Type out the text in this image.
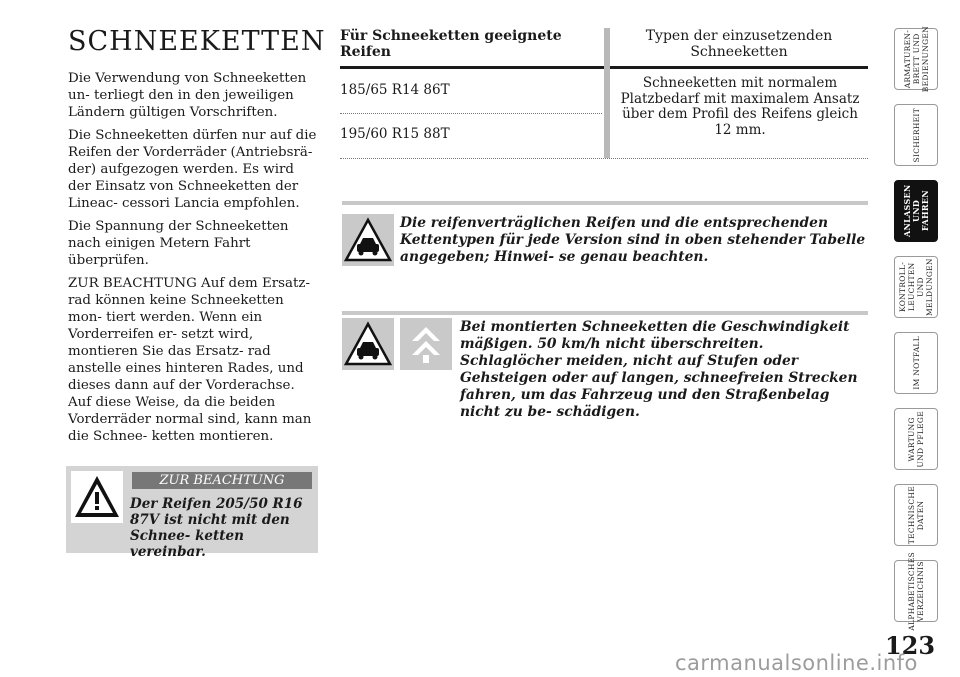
SCHNEEKETTEN

Die Verwendung von Schneeketten un- terliegt den in den jeweiligen Ländern gültigen Vorschriften.

Die Schneeketten dürfen nur auf die Reifen der Vorderräder (Antriebsrä- der) aufgezogen werden. Es wird der Einsatz von Schneeketten der Lineac- cessori Lancia empfohlen.

Die Spannung der Schneeketten nach einigen Metern Fahrt überprüfen.

ZUR BEACHTUNG Auf dem Ersatz- rad können keine Schneeketten mon- tiert werden. Wenn ein Vorderreifen er- setzt wird, montieren Sie das Ersatz- rad anstelle eines hinteren Rades, und dieses dann auf der Vorderachse. Auf diese Weise, da die beiden Vorderräder normal sind, kann man die Schnee- ketten montieren.

Für Schneeketten geeignete Reifen
Typen der einzusetzenden Schneeketten
185/65 R14 86T
195/60 R15 88T
Schneeketten mit normalem Platzbedarf mit maximalem Ansatz über dem Profil des Reifens gleich 12 mm.
Die reifenverträglichen Reifen und die entsprechenden Kettentypen für jede Version sind in oben stehender Tabelle angegeben; Hinwei- se genau beachten.
Bei montierten Schneeketten die Geschwindigkeit mäßigen. 50 km/h nicht überschreiten. Schlaglöcher meiden, nicht auf Stufen oder Gehsteigen oder auf langen, schneefreien Strecken fahren, um das Fahrzeug und den Straßenbelag nicht zu be- schädigen.
ZUR BEACHTUNG
Der Reifen 205/50 R16 87V ist nicht mit den Schnee- ketten vereinbar.
ARMATUREN-
BRETT UND
BEDIENUNGEN
SICHERHEIT
ANLASSEN
UND FAHREN
KONTROLL-
LEUCHTEN UND
MELDUNGEN
IM NOTFALL
WARTUNG
UND PFLEGE
TECHNISCHE
DATEN
ALPHABETISCHES
VERZEICHNIS
123
carmanualsonline.info
